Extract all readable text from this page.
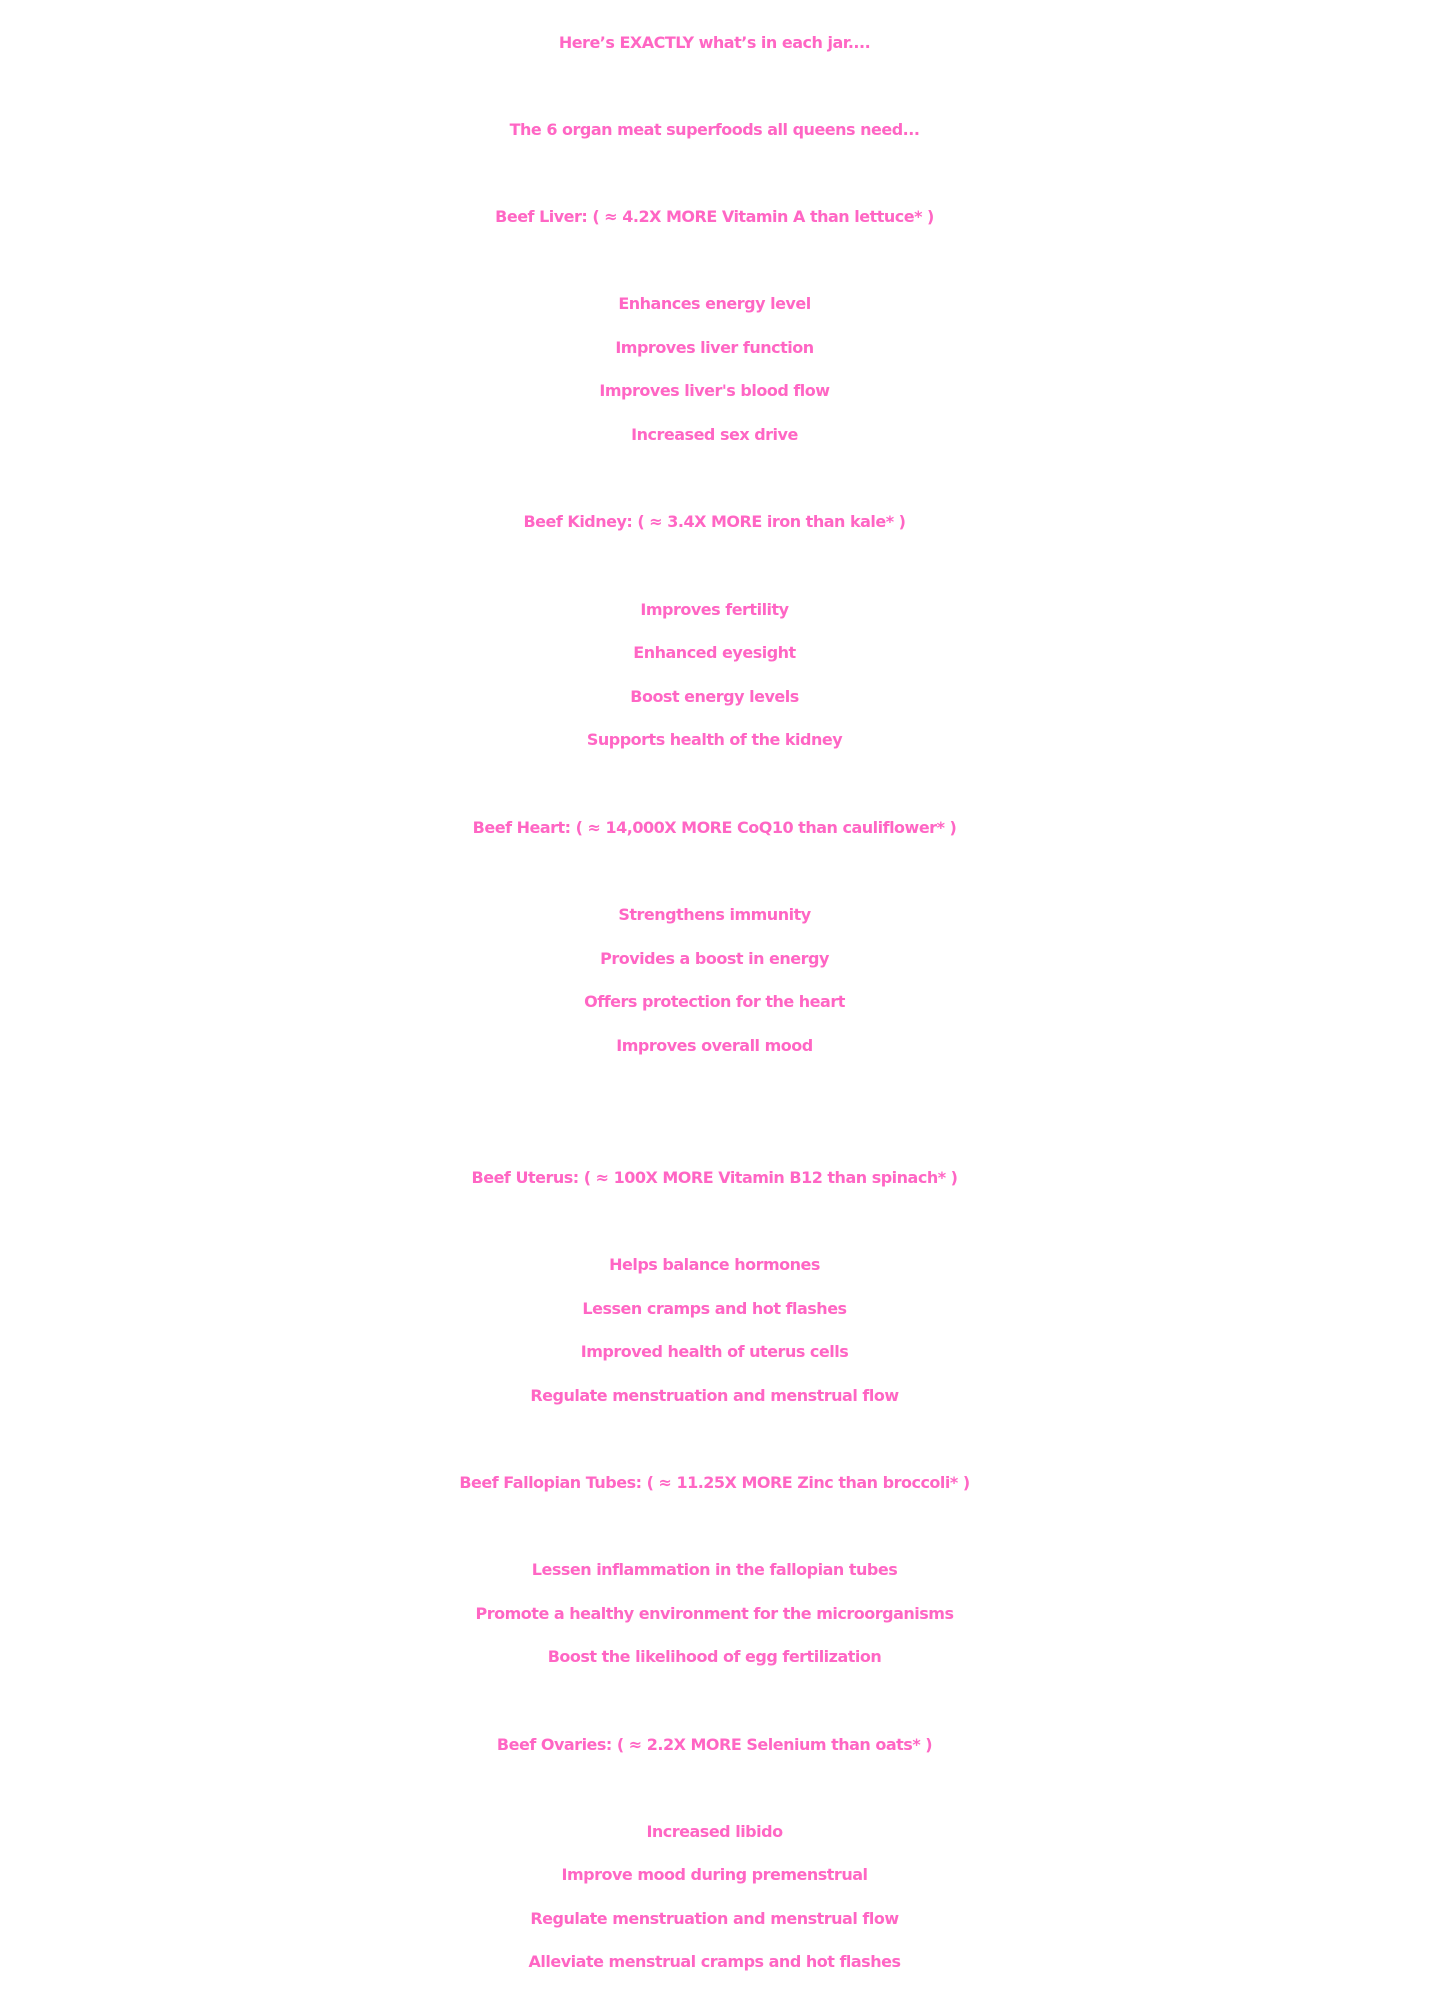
Here’s EXACTLY what’s in each jar....
The 6 organ meat superfoods all queens need...
Beef Liver: ( ≈ 4.2X MORE Vitamin A than lettuce* )
Enhances energy level
Improves liver function
Improves liver's blood flow
Increased sex drive
Beef Kidney: ( ≈ 3.4X MORE iron than kale* )
Improves fertility
Enhanced eyesight
Boost energy levels
Supports health of the kidney
Beef Heart: ( ≈ 14,000X MORE CoQ10 than cauliflower* )
Strengthens immunity
Provides a boost in energy
Offers protection for the heart
Improves overall mood
Beef Uterus: ( ≈ 100X MORE Vitamin B12 than spinach* )
Helps balance hormones
Lessen cramps and hot flashes
Improved health of uterus cells
Regulate menstruation and menstrual flow
Beef Fallopian Tubes: ( ≈ 11.25X MORE Zinc than broccoli* )
Lessen inflammation in the fallopian tubes
Promote a healthy environment for the microorganisms
Boost the likelihood of egg fertilization
Beef Ovaries: ( ≈ 2.2X MORE Selenium than oats* )
Increased libido
Improve mood during premenstrual
Regulate menstruation and menstrual flow
Alleviate menstrual cramps and hot flashes
